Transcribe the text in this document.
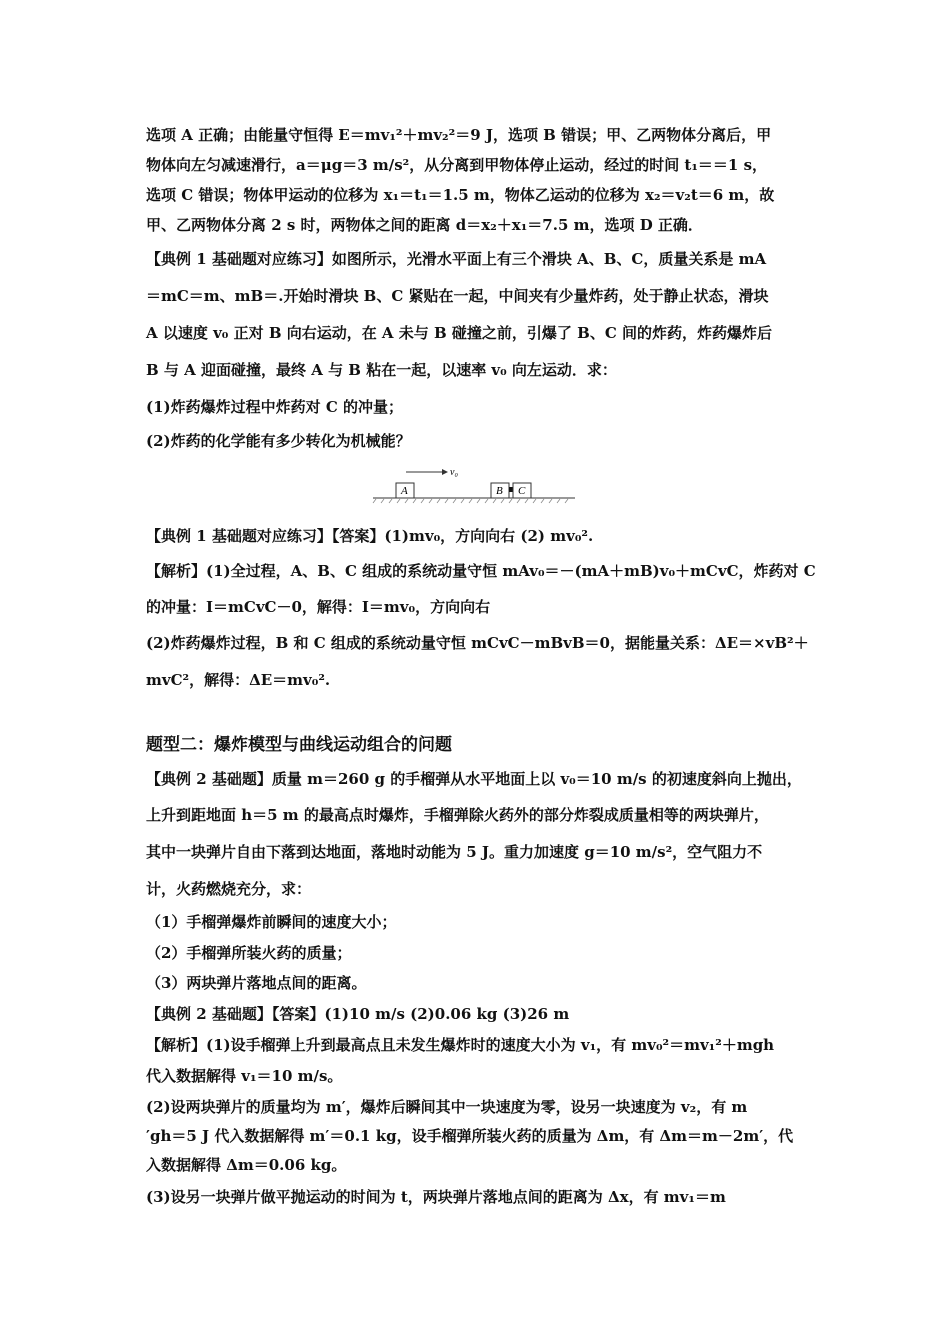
选项 A 正确；由能量守恒得 E＝mv₁²＋mv₂²＝9 J，选项 B 错误；甲、乙两物体分离后，甲
物体向左匀减速滑行，a＝μg＝3 m/s²，从分离到甲物体停止运动，经过的时间 t₁＝＝1 s，
选项 C 错误；物体甲运动的位移为 x₁＝t₁＝1.5 m，物体乙运动的位移为 x₂＝v₂t＝6 m，故
甲、乙两物体分离 2 s 时，两物体之间的距离 d＝x₂＋x₁＝7.5 m，选项 D 正确．
【典例 1 基础题对应练习】如图所示，光滑水平面上有三个滑块 A、B、C，质量关系是 mA
＝mC＝m、mB＝.开始时滑块 B、C 紧贴在一起，中间夹有少量炸药，处于静止状态，滑块
A 以速度 v₀ 正对 B 向右运动，在 A 未与 B 碰撞之前，引爆了 B、C 间的炸药，炸药爆炸后
B 与 A 迎面碰撞，最终 A 与 B 粘在一起，以速率 v₀ 向左运动．求：
(1)炸药爆炸过程中炸药对 C 的冲量；
(2)炸药的化学能有多少转化为机械能？
v₀
A	B C
【典例 1 基础题对应练习】【答案】(1)mv₀，方向向右 (2) mv₀².
【解析】(1)全过程，A、B、C 组成的系统动量守恒 mAv₀＝－(mA＋mB)v₀＋mCvC，炸药对 C
的冲量：I＝mCvC－0，解得：I＝mv₀，方向向右
(2)炸药爆炸过程，B 和 C 组成的系统动量守恒 mCvC－mBvB＝0，据能量关系：ΔE＝×vB²＋
mvC²，解得：ΔE＝mv₀².
题型二：爆炸模型与曲线运动组合的问题
【典例 2 基础题】质量 m＝260 g 的手榴弹从水平地面上以 v₀＝10 m/s 的初速度斜向上抛出，
上升到距地面 h＝5 m 的最高点时爆炸，手榴弹除火药外的部分炸裂成质量相等的两块弹片，
其中一块弹片自由下落到达地面，落地时动能为 5 J。重力加速度 g＝10 m/s²，空气阻力不
计，火药燃烧充分，求：
（1）手榴弹爆炸前瞬间的速度大小；
（2）手榴弹所装火药的质量；
（3）两块弹片落地点间的距离。
【典例 2 基础题】【答案】(1)10 m/s (2)0.06 kg (3)26 m
【解析】(1)设手榴弹上升到最高点且未发生爆炸时的速度大小为 v₁，有 mv₀²＝mv₁²＋mgh
代入数据解得 v₁＝10 m/s。
(2)设两块弹片的质量均为 m′，爆炸后瞬间其中一块速度为零，设另一块速度为 v₂，有 m
′gh＝5 J 代入数据解得 m′＝0.1 kg，设手榴弹所装火药的质量为 Δm，有 Δm＝m－2m′，代
入数据解得 Δm＝0.06 kg。
(3)设另一块弹片做平抛运动的时间为 t，两块弹片落地点间的距离为 Δx，有 mv₁＝m
